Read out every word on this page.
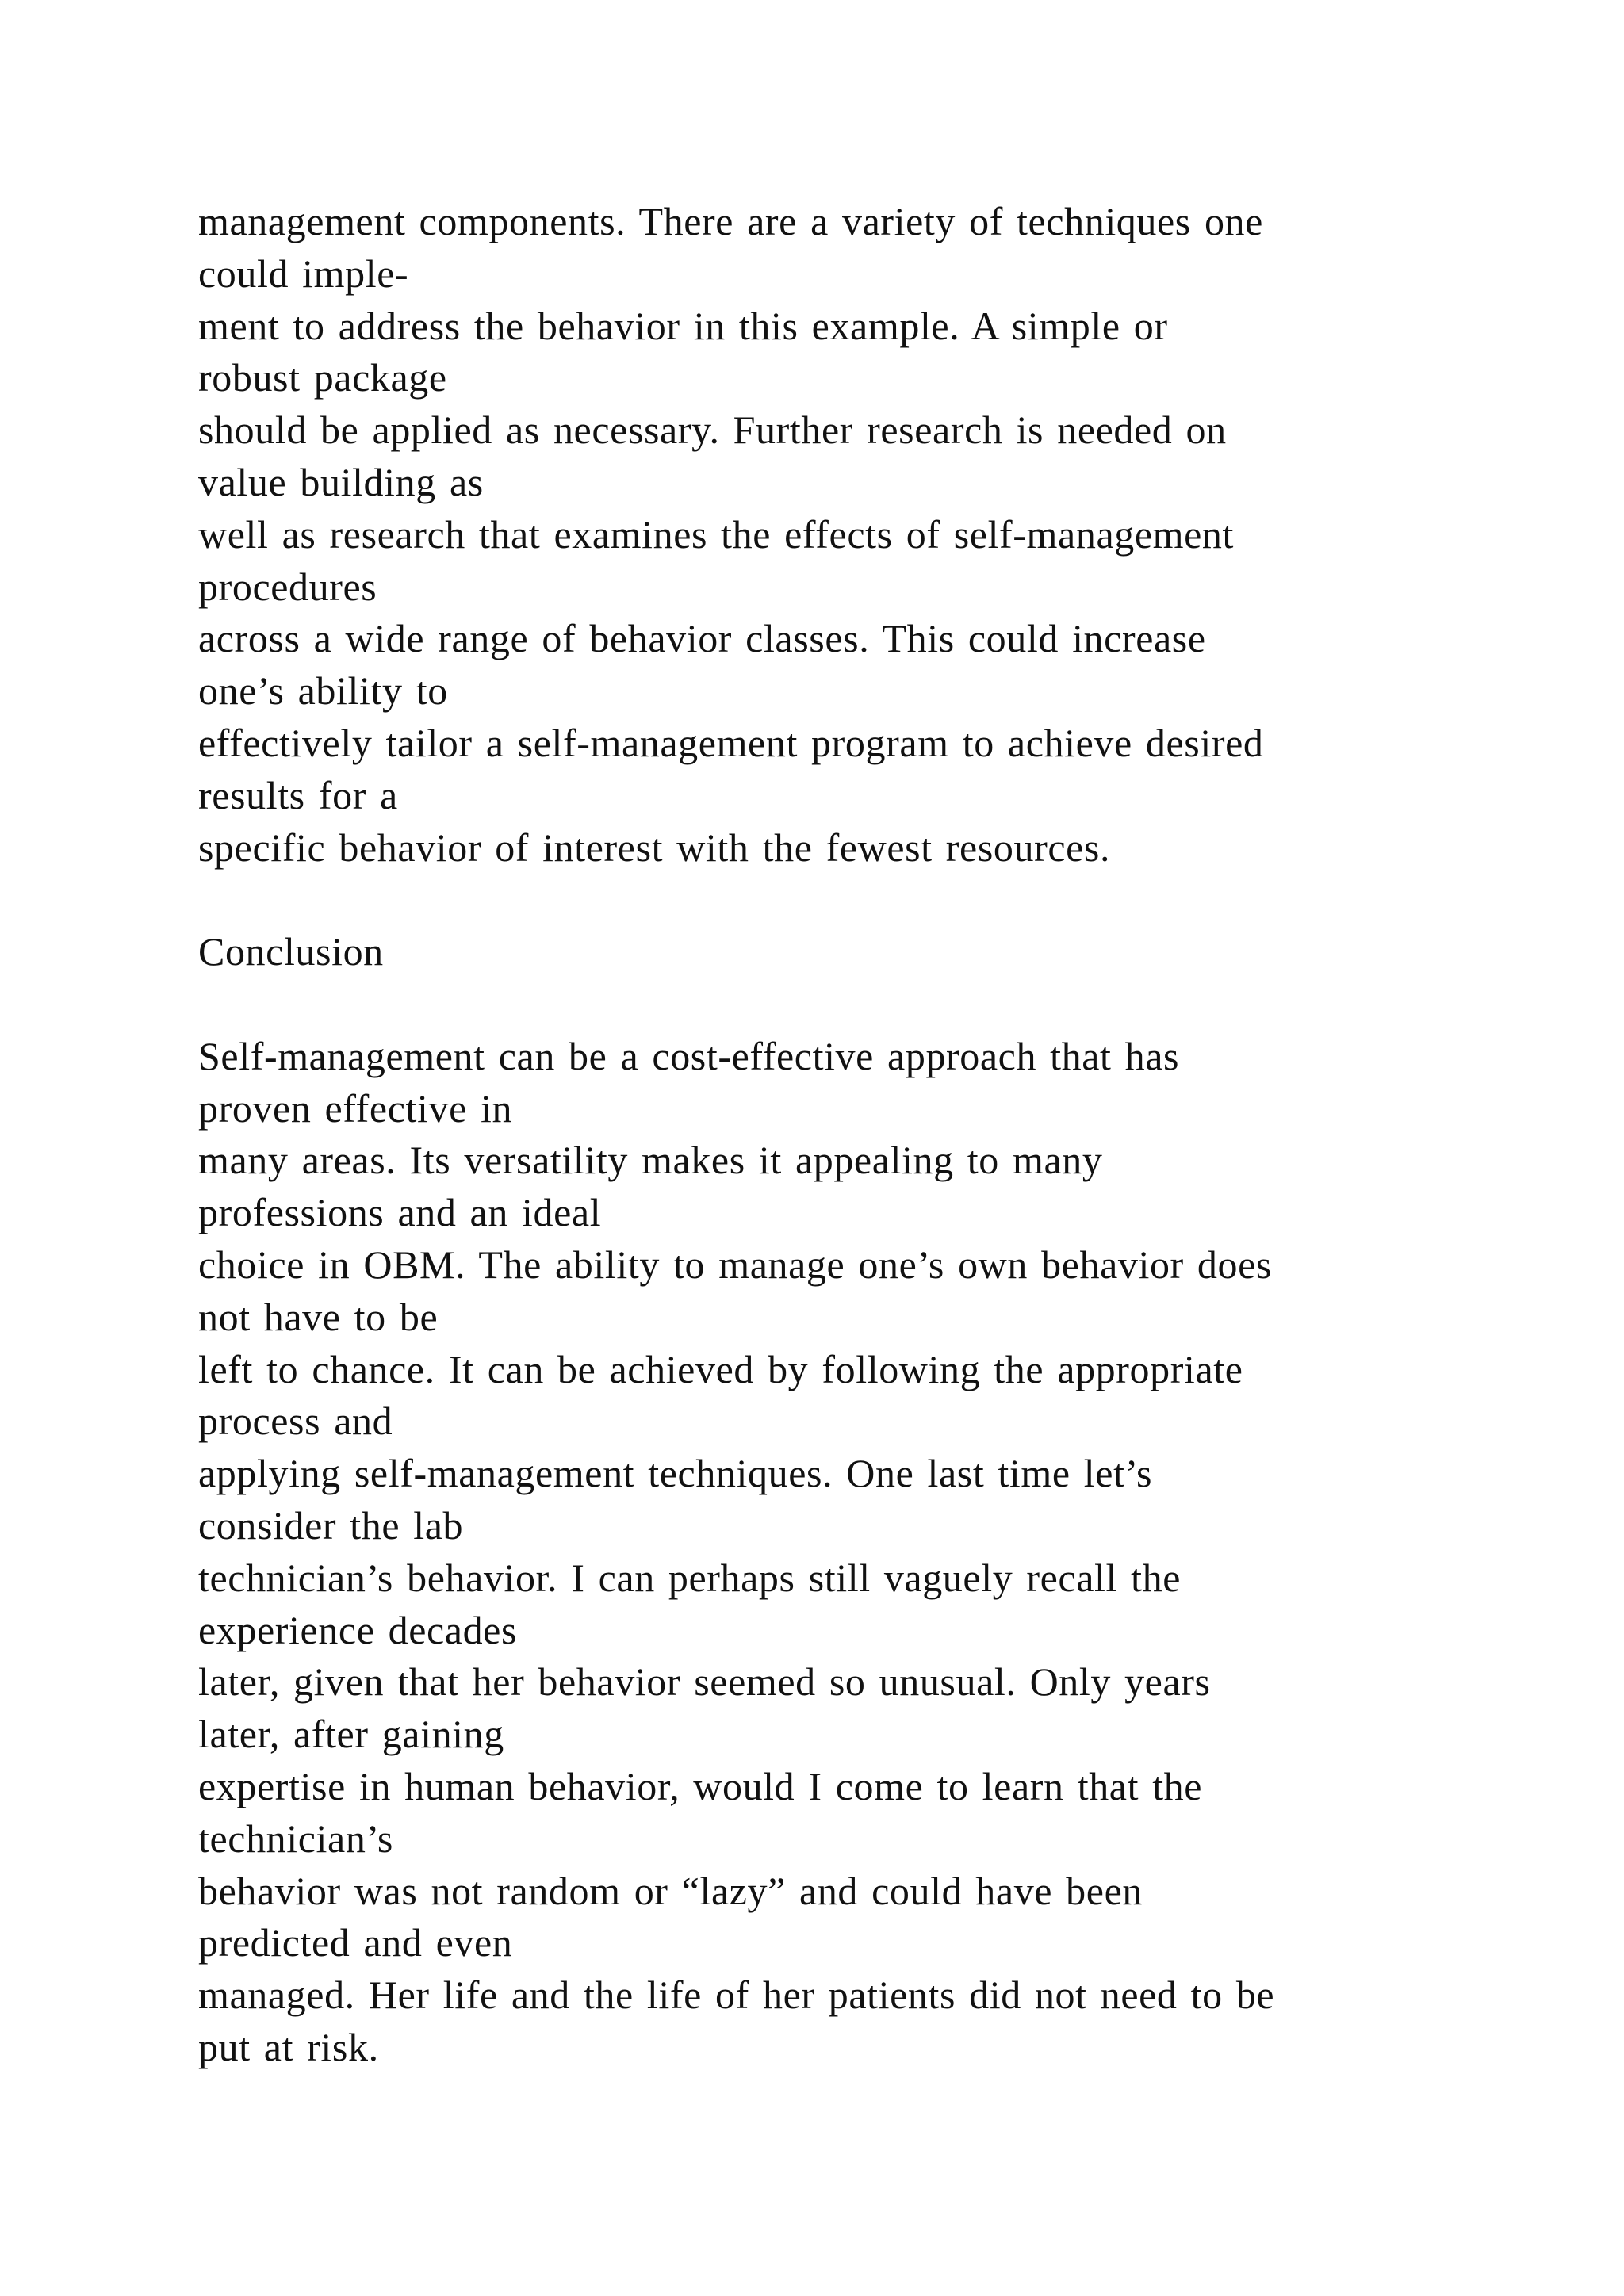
management components. There are a variety of techniques one
could imple-
ment to address the behavior in this example. A simple or
robust package
should be applied as necessary. Further research is needed on
value building as
well as research that examines the effects of self-management
procedures
across a wide range of behavior classes. This could increase
one’s ability to
effectively tailor a self-management program to achieve desired
results for a
specific behavior of interest with the fewest resources.
Conclusion
Self-management can be a cost-effective approach that has
proven effective in
many areas. Its versatility makes it appealing to many
professions and an ideal
choice in OBM. The ability to manage one’s own behavior does
not have to be
left to chance. It can be achieved by following the appropriate
process and
applying self-management techniques. One last time let’s
consider the lab
technician’s behavior. I can perhaps still vaguely recall the
experience decades
later, given that her behavior seemed so unusual. Only years
later, after gaining
expertise in human behavior, would I come to learn that the
technician’s
behavior was not random or “lazy” and could have been
predicted and even
managed. Her life and the life of her patients did not need to be
put at risk.
